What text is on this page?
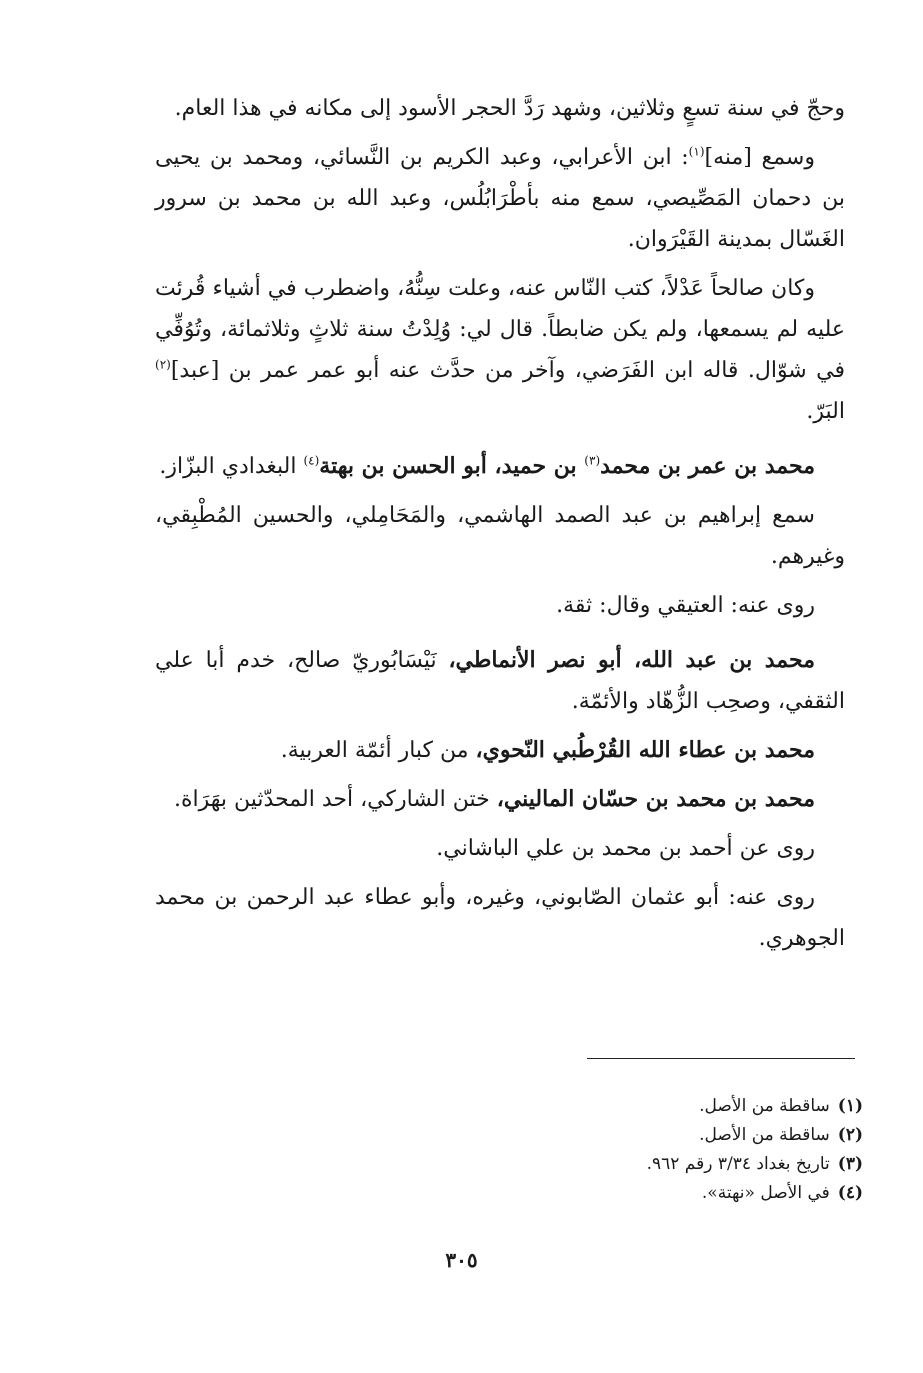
وحجّ في سنة تسعٍ وثلاثين، وشهد رَدَّ الحجر الأسود إلى مكانه في هذا العام.

وسمع [منه]$^{(١)}$: ابن الأعرابي، وعبد الكريم بن النَّسائي، ومحمد بن يحيى بن دحمان المَصِّيصي، سمع منه بأطْرَابُلُس، وعبد الله بن محمد بن سرور الغَسّال بمدينة القَيْرَوان.

وكان صالحاً عَدْلاً، كتب النّاس عنه، وعلت سِنُّهُ، واضطرب في أشياء قُرئت عليه لم يسمعها، ولم يكن ضابطاً. قال لي: وُلِدْتُ سنة ثلاثٍ وثلاثمائة، وتُوُفِّي في شوّال. قاله ابن الفَرَضي، وآخر من حدَّث عنه أبو عمر عمر بن [عبد]$^{(٢)}$ البَرّ.

محمد بن عمر بن محمد$^{(٣)}$ بن حميد، أبو الحسن بن بهتة$^{(٤)}$ البغدادي البزّاز.

سمع إبراهيم بن عبد الصمد الهاشمي، والمَحَامِلي، والحسين المُطْبِقي، وغيرهم.

روى عنه: العتيقي وقال: ثقة.

محمد بن عبد الله، أبو نصر الأنماطي، نَيْسَابُوريّ صالح، خدم أبا علي الثقفي، وصحِب الزُّهّاد والأئمّة.

محمد بن عطاء الله القُرْطُبي النّحوي، من كبار أئمّة العربية.

محمد بن محمد بن حسّان الماليني، ختن الشاركي، أحد المحدّثين بهَرَاة.

روى عن أحمد بن محمد بن علي الباشاني.

روى عنه: أبو عثمان الصّابوني، وغيره، وأبو عطاء عبد الرحمن بن محمد الجوهري.

(١)ساقطة من الأصل.

(٢)ساقطة من الأصل.

(٣)تاريخ بغداد ٣/٣٤ رقم ٩٦٢.

(٤)في الأصل «نهتة».

٣٠٥
